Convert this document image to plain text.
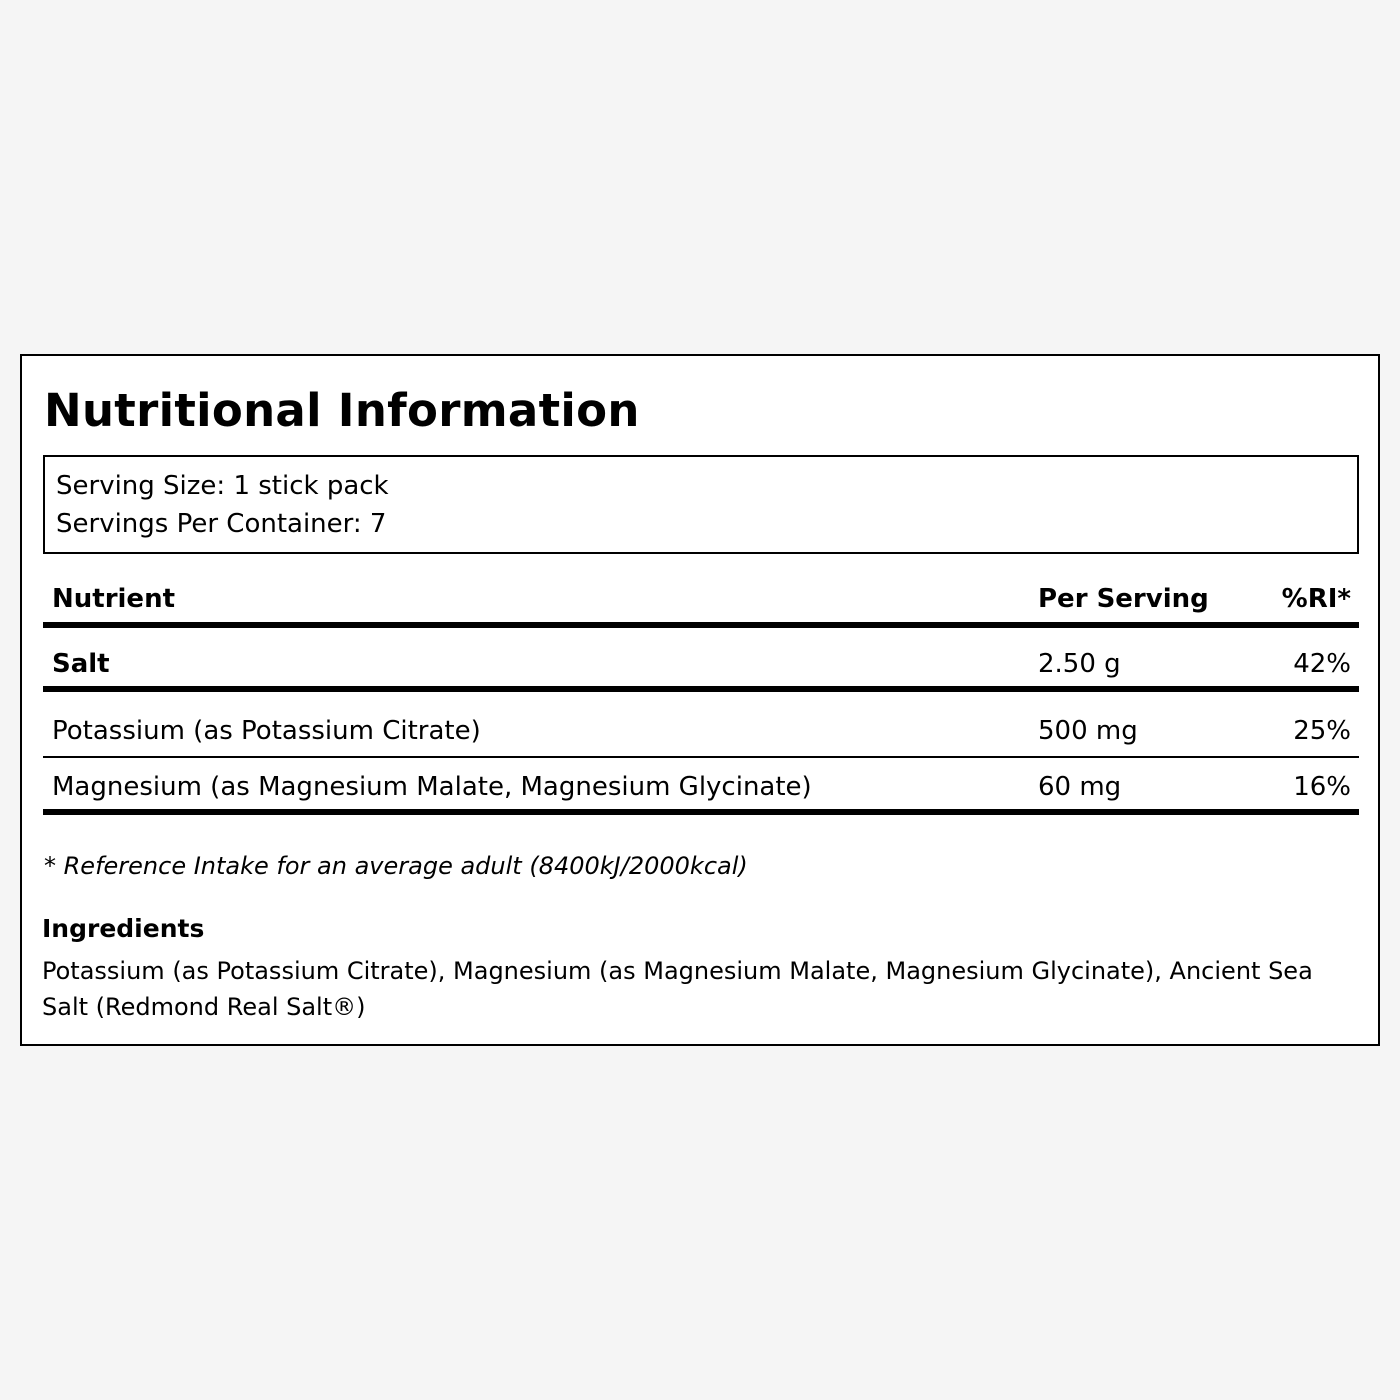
Nutritional Information
Serving Size: 1 stick pack
Servings Per Container: 7
Nutrient	Per Serving	%RI*
Salt	2.50 g	42%
Potassium (as Potassium Citrate)	500 mg	25%
Magnesium (as Magnesium Malate, Magnesium Glycinate)	60 mg	16%
* Reference Intake for an average adult (8400kJ/2000kcal)
Ingredients
Potassium (as Potassium Citrate), Magnesium (as Magnesium Malate, Magnesium Glycinate), Ancient Sea Salt (Redmond Real Salt®)
